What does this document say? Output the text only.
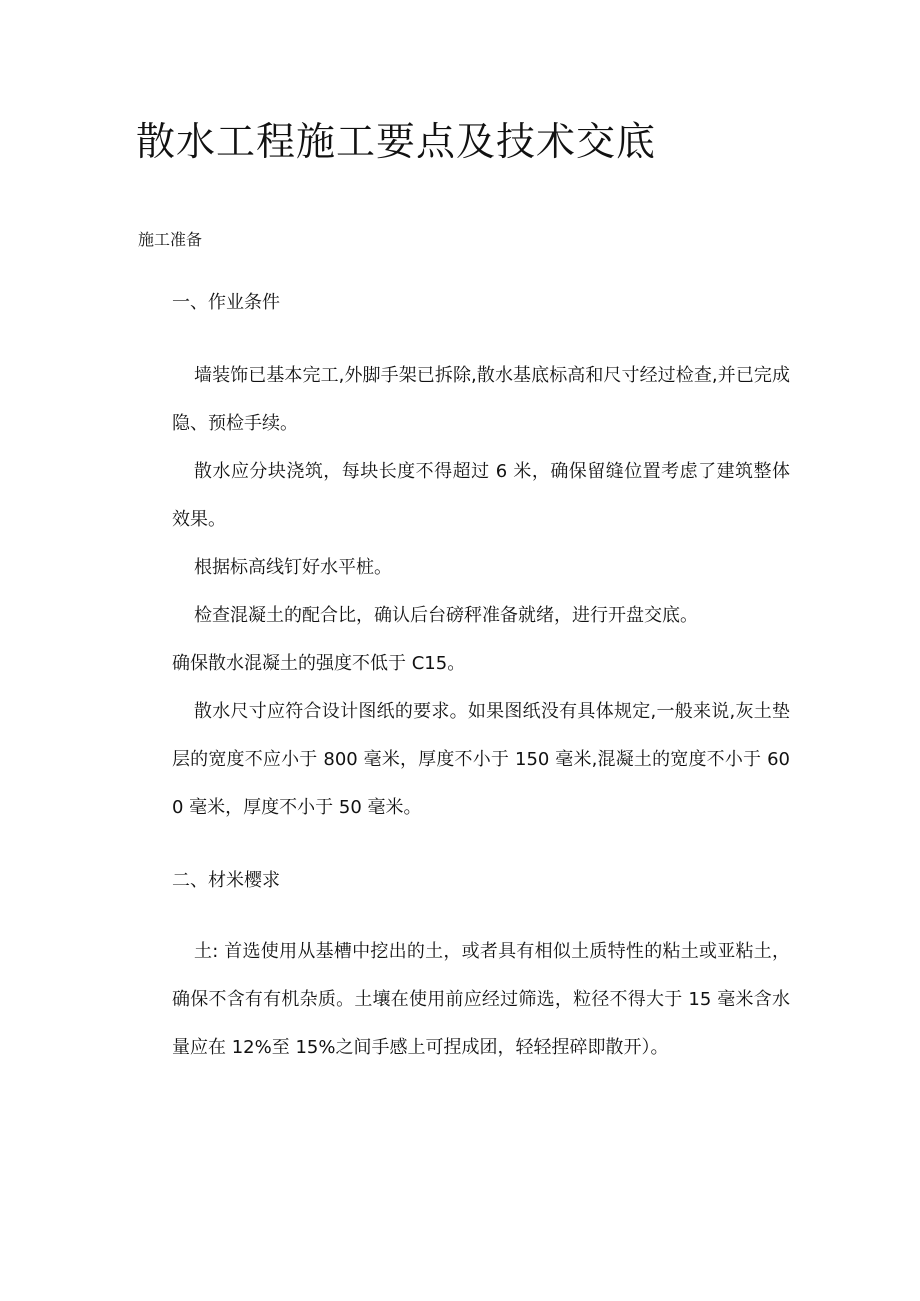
散水工程施工要点及技术交底
施工准备
一、作业条件

墙装饰已基本完工,外脚手架已拆除,散水基底标高和尺寸经过检查,并已完成隐、预检手续。

散水应分块浇筑，每块长度不得超过 6 米，确保留缝位置考虑了建筑整体效果。

根据标高线钉好水平桩。

检查混凝土的配合比，确认后台磅秤准备就绪，进行开盘交底。

确保散水混凝土的强度不低于 C15。

散水尺寸应符合设计图纸的要求。如果图纸没有具体规定,一般来说,灰土垫层的宽度不应小于 800 毫米，厚度不小于 150 毫米,混凝土的宽度不小于 600 毫米，厚度不小于 50 毫米。

二、材米樱求

土: 首选使用从基槽中挖出的土，或者具有相似土质特性的粘土或亚粘土，确保不含有有机杂质。土壤在使用前应经过筛选，粒径不得大于 15 毫米含水量应在 12%至 15%之间手感上可捏成团，轻轻捏碎即散开）。
